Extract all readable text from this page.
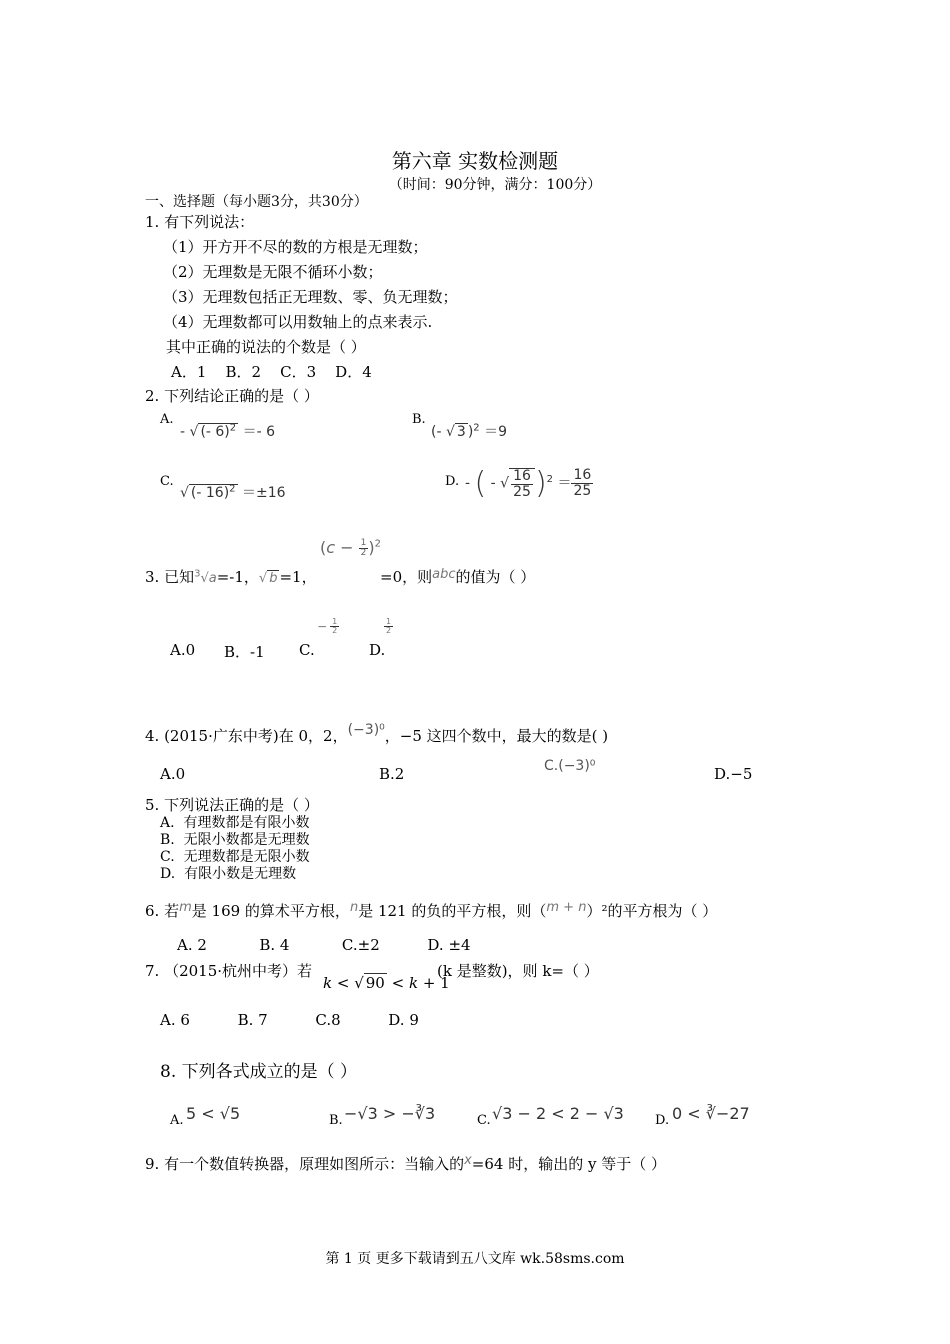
第六章 实数检测题
（时间：90分钟，满分：100分）
一、选择题（每小题3分，共30分）
1. 有下列说法：
（1）开方开不尽的数的方根是无理数；
（2）无理数是无限不循环小数；
（3）无理数包括正无理数、零、负无理数；
（4）无理数都可以用数轴上的点来表示.
其中正确的说法的个数是（ ）
A．1    B．2    C．3    D．4
2. 下列结论正确的是（ ）
A.
- √ (- 6)$^2$ ＝- 6
B.
(- √ 3 )$^2$ ＝9
C.
√ (- 16)$^2$ ＝±16
D. - ( - √ $\frac{16}{25} )^2 = \frac{16}{25}$
3. 已知$^3$√a=-1，√ b =1，
$(c - \frac{1}{2} )^2$
=0，则abc的值为（ ）
A.0 B．-1 C.
− $\frac{1}{2}$
D.
$\frac{1}{2}$
4. (2015·广东中考)在 0，2，(−3)⁰，−5 这四个数中，最大的数是( )
A.0	B.2	C.(−3)⁰	D.−5
5. 下列说法正确的是（ ）
A.  有理数都是有限小数
B.  无限小数都是无理数
C.  无理数都是无限小数
D.  有限小数是无理数
6. 若m是 169 的算术平方根，n是 121 的负的平方根，则（m + n）²的平方根为（ ）
A. 2           B. 4           C.±2          D. ±4
7. （2015·杭州中考）若
k < √ 90 < k + 1
(k 是整数)，则 k=（ ）
A. 6          B. 7          C.8          D. 9
8. 下列各式成立的是（ ）
A. 5 < √5	B. −√3 > −∛3	C. √3 − 2 < 2 − √3 D. 0 < ∛−27
9. 有一个数值转换器，原理如图所示：当输入的x=64 时，输出的 y 等于（ ）
第 1 页 更多下载请到五八文库 wk.58sms.com
